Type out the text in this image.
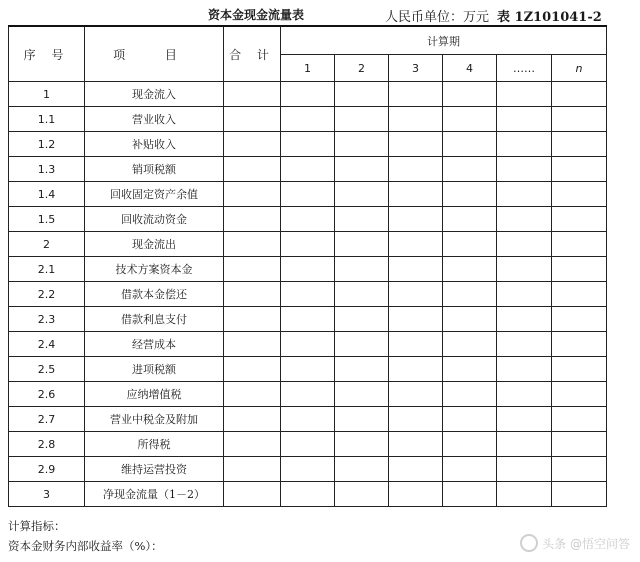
资本金现金流量表	人民币单位：万元 表 1Z101041-2
序 号	项 目	合 计	计算期					
			1	2	3	4	……	n
1	现金流入							
1.1	营业收入							
1.2	补贴收入							
1.3	销项税额							
1.4	回收固定资产余值							
1.5	回收流动资金							
2	现金流出							
2.1	技术方案资本金							
2.2	借款本金偿还							
2.3	借款利息支付							
2.4	经营成本							
2.5	进项税额							
2.6	应纳增值税							
2.7	营业中税金及附加							
2.8	所得税							
2.9	维持运营投资							
3	净现金流量（1－2）							
计算指标：
资本金财务内部收益率（%）：	头条 @悟空问答
